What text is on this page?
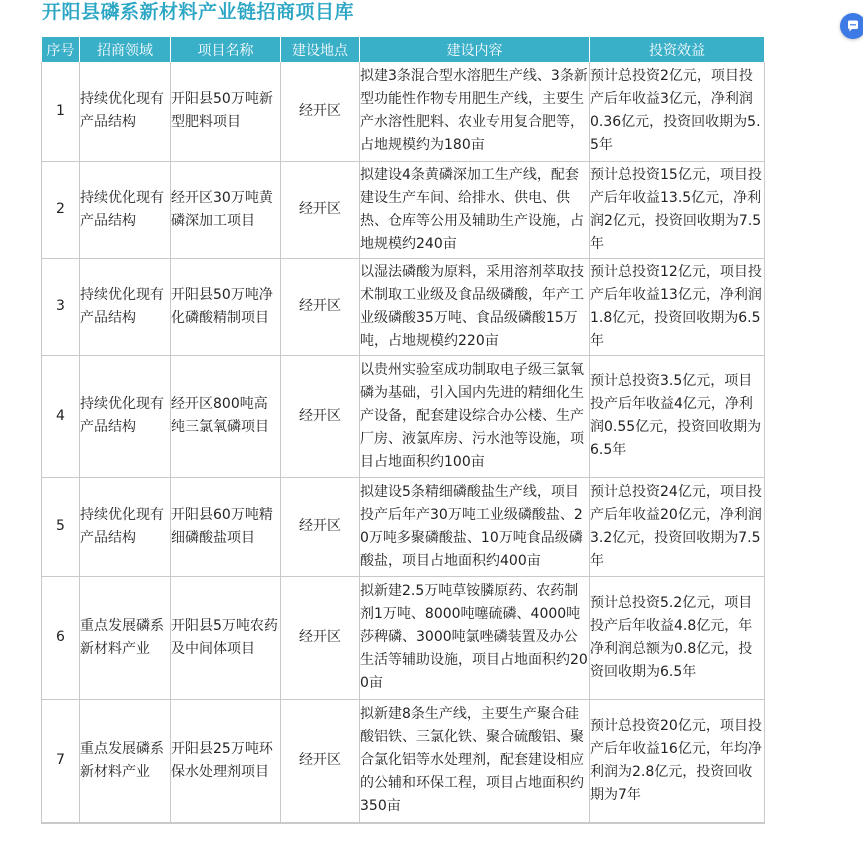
开阳县磷系新材料产业链招商项目库
序号	招商领域	项目名称	建设地点	建设内容	投资效益
1	持续优化现有产品结构	开阳县50万吨新型肥料项目	经开区	拟建3条混合型水溶肥生产线、3条新型功能性作物专用肥生产线，主要生产水溶性肥料、农业专用复合肥等，占地规模约为180亩	预计总投资2亿元，项目投产后年收益3亿元，净利润0.36亿元，投资回收期为5.5年
2	持续优化现有产品结构	经开区30万吨黄磷深加工项目	经开区	拟建设4条黄磷深加工生产线，配套建设生产车间、给排水、供电、供热、仓库等公用及辅助生产设施，占地规模约240亩	预计总投资15亿元，项目投产后年收益13.5亿元，净利润2亿元，投资回收期为7.5年
3	持续优化现有产品结构	开阳县50万吨净化磷酸精制项目	经开区	以湿法磷酸为原料，采用溶剂萃取技术制取工业级及食品级磷酸，年产工业级磷酸35万吨、食品级磷酸15万吨，占地规模约220亩	预计总投资12亿元，项目投产后年收益13亿元，净利润1.8亿元，投资回收期为6.5年
4	持续优化现有产品结构	经开区800吨高纯三氯氧磷项目	经开区	以贵州实验室成功制取电子级三氯氧磷为基础，引入国内先进的精细化生产设备，配套建设综合办公楼、生产厂房、液氯库房、污水池等设施，项目占地面积约100亩	预计总投资3.5亿元，项目投产后年收益4亿元，净利润0.55亿元，投资回收期为6.5年
5	持续优化现有产品结构	开阳县60万吨精细磷酸盐项目	经开区	拟建设5条精细磷酸盐生产线，项目投产后年产30万吨工业级磷酸盐、20万吨多聚磷酸盐、10万吨食品级磷酸盐，项目占地面积约400亩	预计总投资24亿元，项目投产后年收益20亿元，净利润3.2亿元，投资回收期为7.5年
6	重点发展磷系新材料产业	开阳县5万吨农药及中间体项目	经开区	拟新建2.5万吨草铵膦原药、农药制剂1万吨、8000吨噻硫磷、4000吨莎稗磷、3000吨氯唑磷装置及办公生活等辅助设施，项目占地面积约200亩	预计总投资5.2亿元，项目投产后年收益4.8亿元，年净利润总额为0.8亿元，投资回收期为6.5年
7	重点发展磷系新材料产业	开阳县25万吨环保水处理剂项目	经开区	拟新建8条生产线，主要生产聚合硅酸铝铁、三氯化铁、聚合硫酸铝、聚合氯化铝等水处理剂，配套建设相应的公辅和环保工程，项目占地面积约350亩	预计总投资20亿元，项目投产后年收益16亿元，年均净利润为2.8亿元，投资回收期为7年
